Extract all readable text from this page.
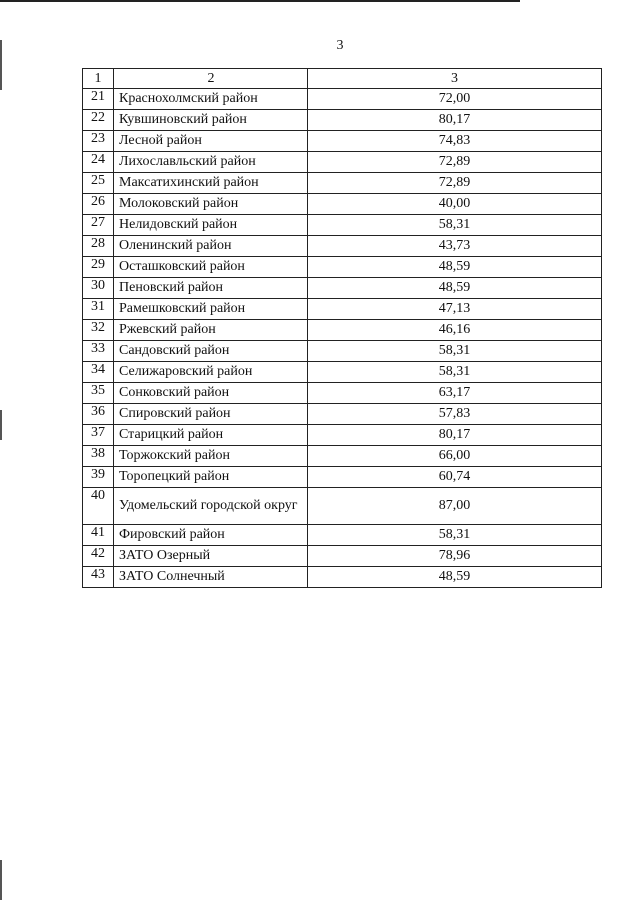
3
1	2	3
21	Краснохолмский район	72,00
22	Кувшиновский район	80,17
23	Лесной район	74,83
24	Лихославльский район	72,89
25	Максатихинский район	72,89
26	Молоковский район	40,00
27	Нелидовский район	58,31
28	Оленинский район	43,73
29	Осташковский район	48,59
30	Пеновский район	48,59
31	Рамешковский район	47,13
32	Ржевский район	46,16
33	Сандовский район	58,31
34	Селижаровский район	58,31
35	Сонковский район	63,17
36	Спировский район	57,83
37	Старицкий район	80,17
38	Торжокский район	66,00
39	Торопецкий район	60,74
40	Удомельский городской округ	87,00
41	Фировский район	58,31
42	ЗАТО Озерный	78,96
43	ЗАТО Солнечный	48,59
